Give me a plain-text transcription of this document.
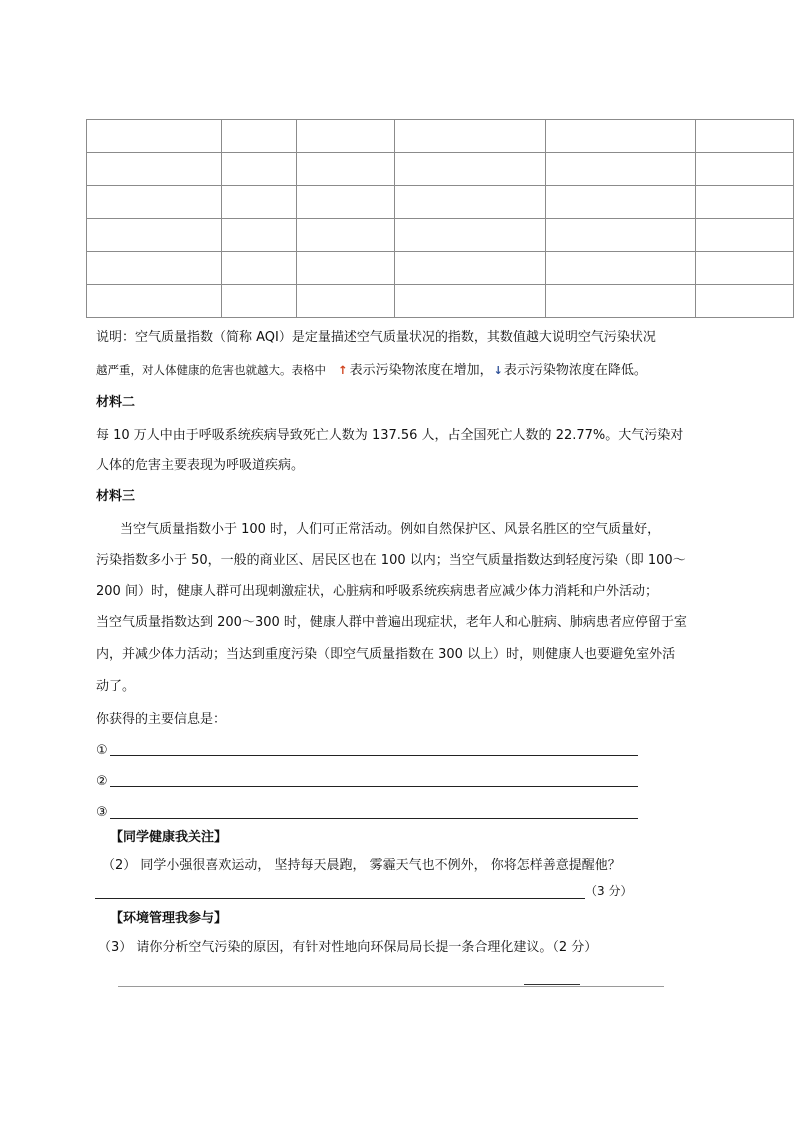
说明：空气质量指数（简称 AQI）是定量描述空气质量状况的指数，其数值越大说明空气污染状况
越严重，对人体健康的危害也就越大。表格中 ↑ 表示污染物浓度在增加，↓表示污染物浓度在降低。
材料二
每 10 万人中由于呼吸系统疾病导致死亡人数为 137.56 人，占全国死亡人数的 22.77%。大气污染对
人体的危害主要表现为呼吸道疾病。
材料三
当空气质量指数小于 100 时，人们可正常活动。例如自然保护区、风景名胜区的空气质量好，
污染指数多小于 50，一般的商业区、居民区也在 100 以内；当空气质量指数达到轻度污染（即 100～
200 间）时，健康人群可出现刺激症状，心脏病和呼吸系统疾病患者应减少体力消耗和户外活动；
当空气质量指数达到 200～300 时，健康人群中普遍出现症状，老年人和心脏病、肺病患者应停留于室
内，并减少体力活动；当达到重度污染（即空气质量指数在 300 以上）时，则健康人也要避免室外活
动了。
你获得的主要信息是：
①
②
③
【同学健康我关注】
（2） 同学小强很喜欢运动， 坚持每天晨跑， 雾霾天气也不例外， 你将怎样善意提醒他？
（3 分）
【环境管理我参与】
（3） 请你分析空气污染的原因，有针对性地向环保局局长提一条合理化建议。（2 分）
